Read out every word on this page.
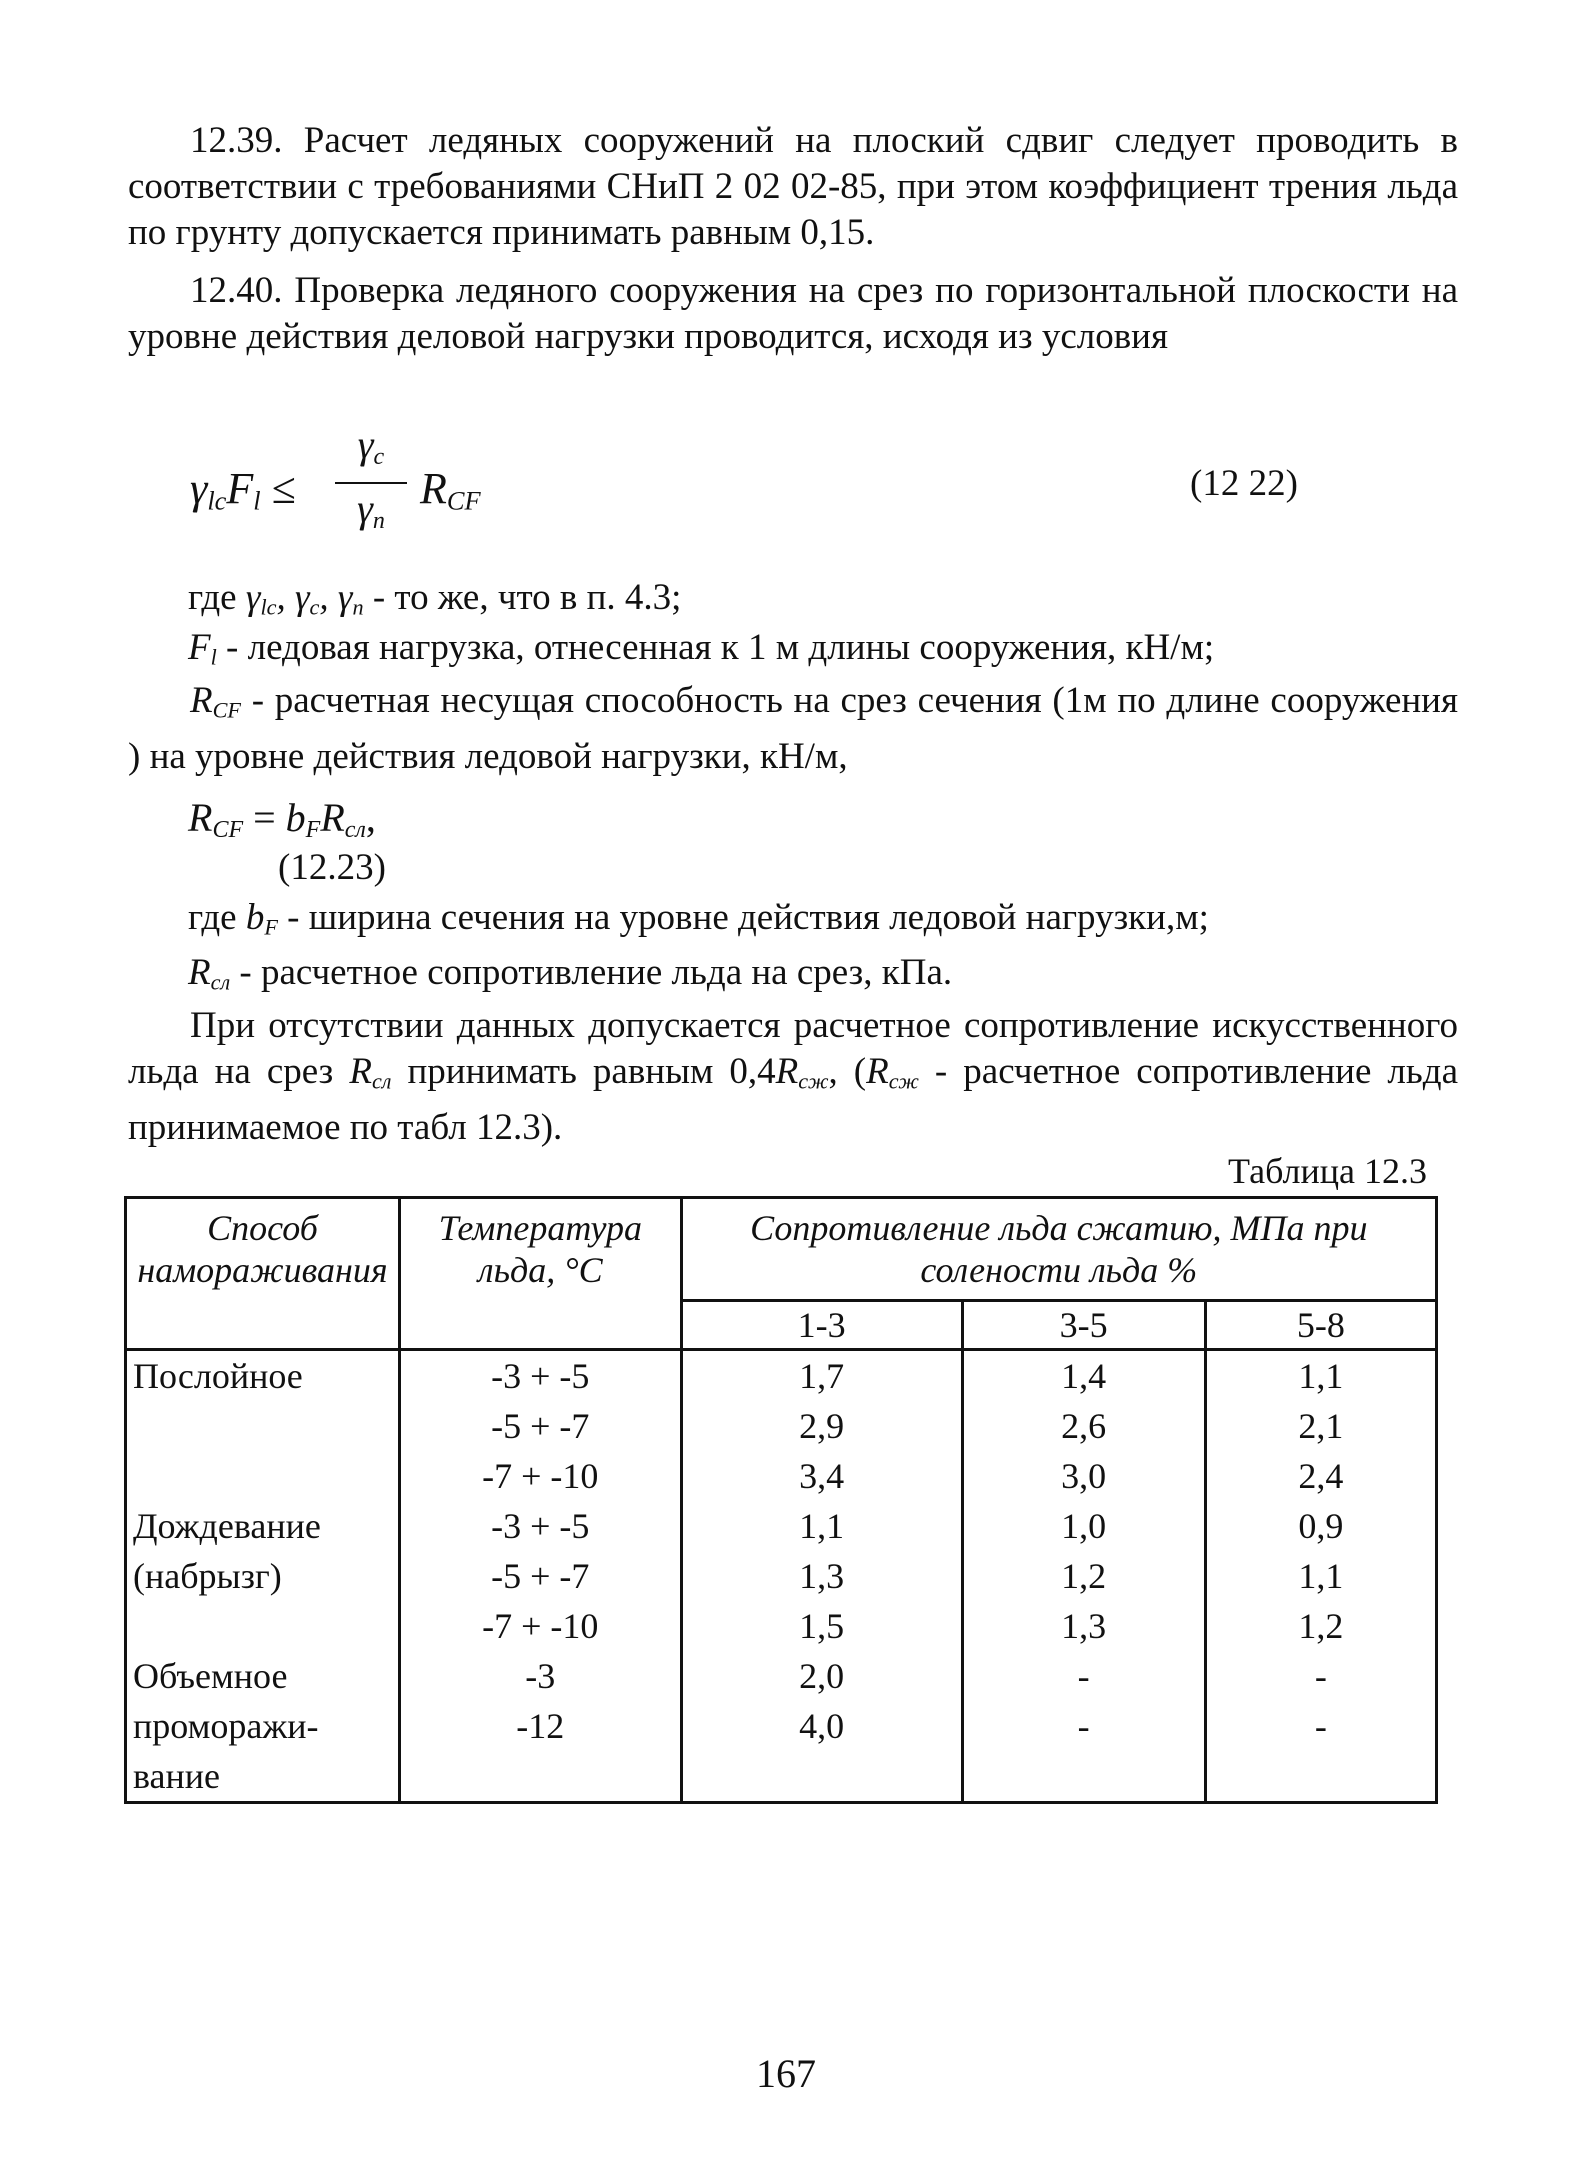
12.39. Расчет ледяных сооружений на плоский сдвиг следует проводить в соответствии с требованиями СНиП 2 02 02-85, при этом коэффициент трения льда по грунту допускается принимать равным 0,15.
12.40. Проверка ледяного сооружения на срез по горизонтальной плоскости на уровне действия деловой нагрузки проводится, исходя из условия
$\gamma_{lc}F_l$ ≤	$R_{CF}$
$\gamma_c$
$\gamma_n$
(12 22)
где $\gamma_{lc}$, $\gamma_c$, $\gamma_n$ - то же, что в п. 4.3;
$F_l$ - ледовая нагрузка, отнесенная к 1 м длины сооружения, кН/м;
$R_{CF}$ - расчетная несущая способность на срез сечения (1м по длине сооружения ) на уровне действия ледовой нагрузки, кН/м,
$R_{CF} = b_FR_{сл}$,
(12.23)
где $b_F$ - ширина сечения на уровне действия ледовой нагрузки,м;
$R_{сл}$ - расчетное сопротивление льда на срез, кПа.
При отсутствии данных допускается расчетное сопротивление искусственного льда на срез $R_{сл}$ принимать равным $0,4R_{сж}$, ($R_{сж}$ - расчетное сопротивление льда принимаемое по табл 12.3).
Таблица 12.3
Способ намораживания	Температура льда, °С	Сопротивление льда сжатию, МПа при солености льда %		
		1-3	3-5	5-8
Послойное	-3 + -5	1,7	1,4	1,1
	-5 + -7	2,9	2,6	2,1
	-7 + -10	3,4	3,0	2,4
Дождевание	-3 + -5	1,1	1,0	0,9
(набрызг)	-5 + -7	1,3	1,2	1,1
	-7 + -10	1,5	1,3	1,2
Объемное	-3	2,0	-	-
проморажи-	-12	4,0	-	-
вание				
167
